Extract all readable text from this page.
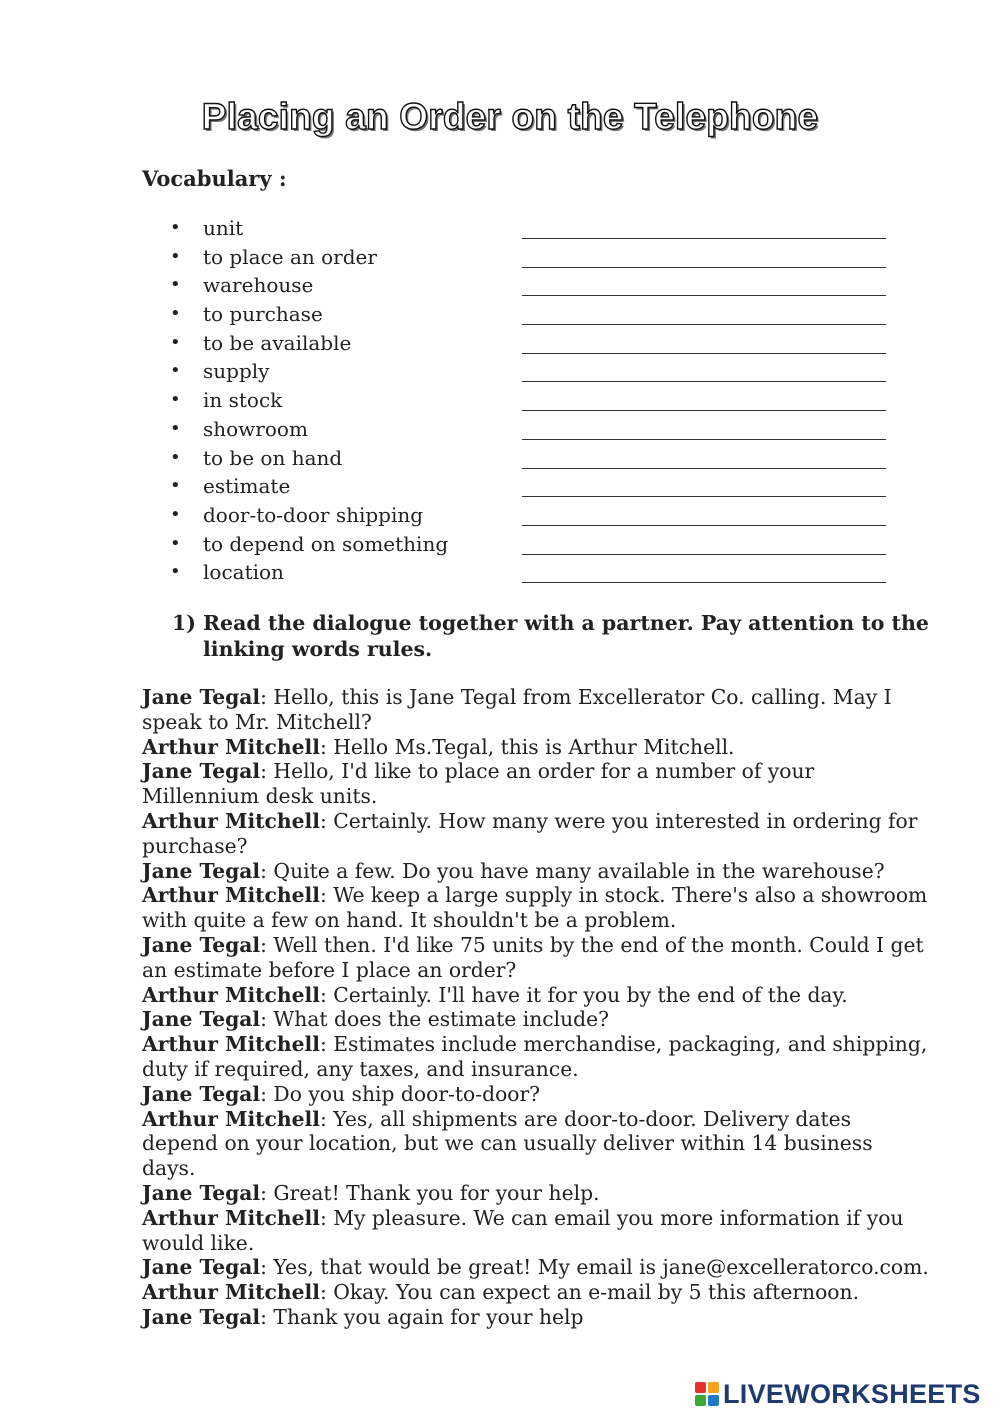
Placing an Order on the Telephone
Vocabulary :
• unit
• to place an order
• warehouse
• to purchase
• to be available
• supply
• in stock
• showroom
• to be on hand
• estimate
• door-to-door shipping
• to depend on something
• location
1) Read the dialogue together with a partner. Pay attention to the linking words rules.

Jane Tegal: Hello, this is Jane Tegal from Excellerator Co. calling. May I speak to Mr. Mitchell?

Arthur Mitchell: Hello Ms.Tegal, this is Arthur Mitchell.

Jane Tegal: Hello, I'd like to place an order for a number of your Millennium desk units.

Arthur Mitchell: Certainly. How many were you interested in ordering for purchase?

Jane Tegal: Quite a few. Do you have many available in the warehouse?

Arthur Mitchell: We keep a large supply in stock. There's also a showroom with quite a few on hand. It shouldn't be a problem.

Jane Tegal: Well then. I'd like 75 units by the end of the month. Could I get an estimate before I place an order?

Arthur Mitchell: Certainly. I'll have it for you by the end of the day.

Jane Tegal: What does the estimate include?

Arthur Mitchell: Estimates include merchandise, packaging, and shipping, duty if required, any taxes, and insurance.

Jane Tegal: Do you ship door-to-door?

Arthur Mitchell: Yes, all shipments are door-to-door. Delivery dates depend on your location, but we can usually deliver within 14 business days.

Jane Tegal: Great! Thank you for your help.

Arthur Mitchell: My pleasure. We can email you more information if you would like.

Jane Tegal: Yes, that would be great! My email is jane@excelleratorco.com.

Arthur Mitchell: Okay. You can expect an e-mail by 5 this afternoon.

Jane Tegal: Thank you again for your help

LIVEWORKSHEETS
